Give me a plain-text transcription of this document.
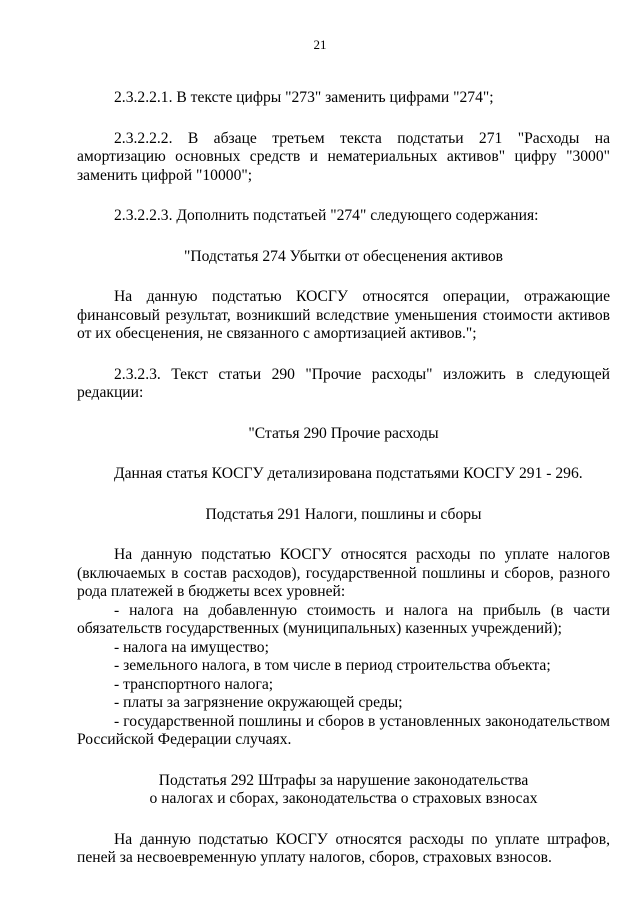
21

2.3.2.2.1. В тексте цифры "273" заменить цифрами "274";

2.3.2.2.2. В абзаце третьем текста подстатьи 271 "Расходы на амортизацию основных средств и нематериальных активов" цифру "3000" заменить цифрой "10000";

2.3.2.2.3. Дополнить подстатьей "274" следующего содержания:

"Подстатья 274 Убытки от обесценения активов

На данную подстатью КОСГУ относятся операции, отражающие финансовый результат, возникший вследствие уменьшения стоимости активов от их обесценения, не связанного с амортизацией активов.";

2.3.2.3. Текст статьи 290 "Прочие расходы" изложить в следующей редакции:

"Статья 290 Прочие расходы

Данная статья КОСГУ детализирована подстатьями КОСГУ 291 - 296.

Подстатья 291 Налоги, пошлины и сборы

На данную подстатью КОСГУ относятся расходы по уплате налогов (включаемых в состав расходов), государственной пошлины и сборов, разного рода платежей в бюджеты всех уровней:

- налога на добавленную стоимость и налога на прибыль (в части обязательств государственных (муниципальных) казенных учреждений);

- налога на имущество;

- земельного налога, в том числе в период строительства объекта;

- транспортного налога;

- платы за загрязнение окружающей среды;

- государственной пошлины и сборов в установленных законодательством Российской Федерации случаях.

Подстатья 292 Штрафы за нарушение законодательства

о налогах и сборах, законодательства о страховых взносах

На данную подстатью КОСГУ относятся расходы по уплате штрафов, пеней за несвоевременную уплату налогов, сборов, страховых взносов.
